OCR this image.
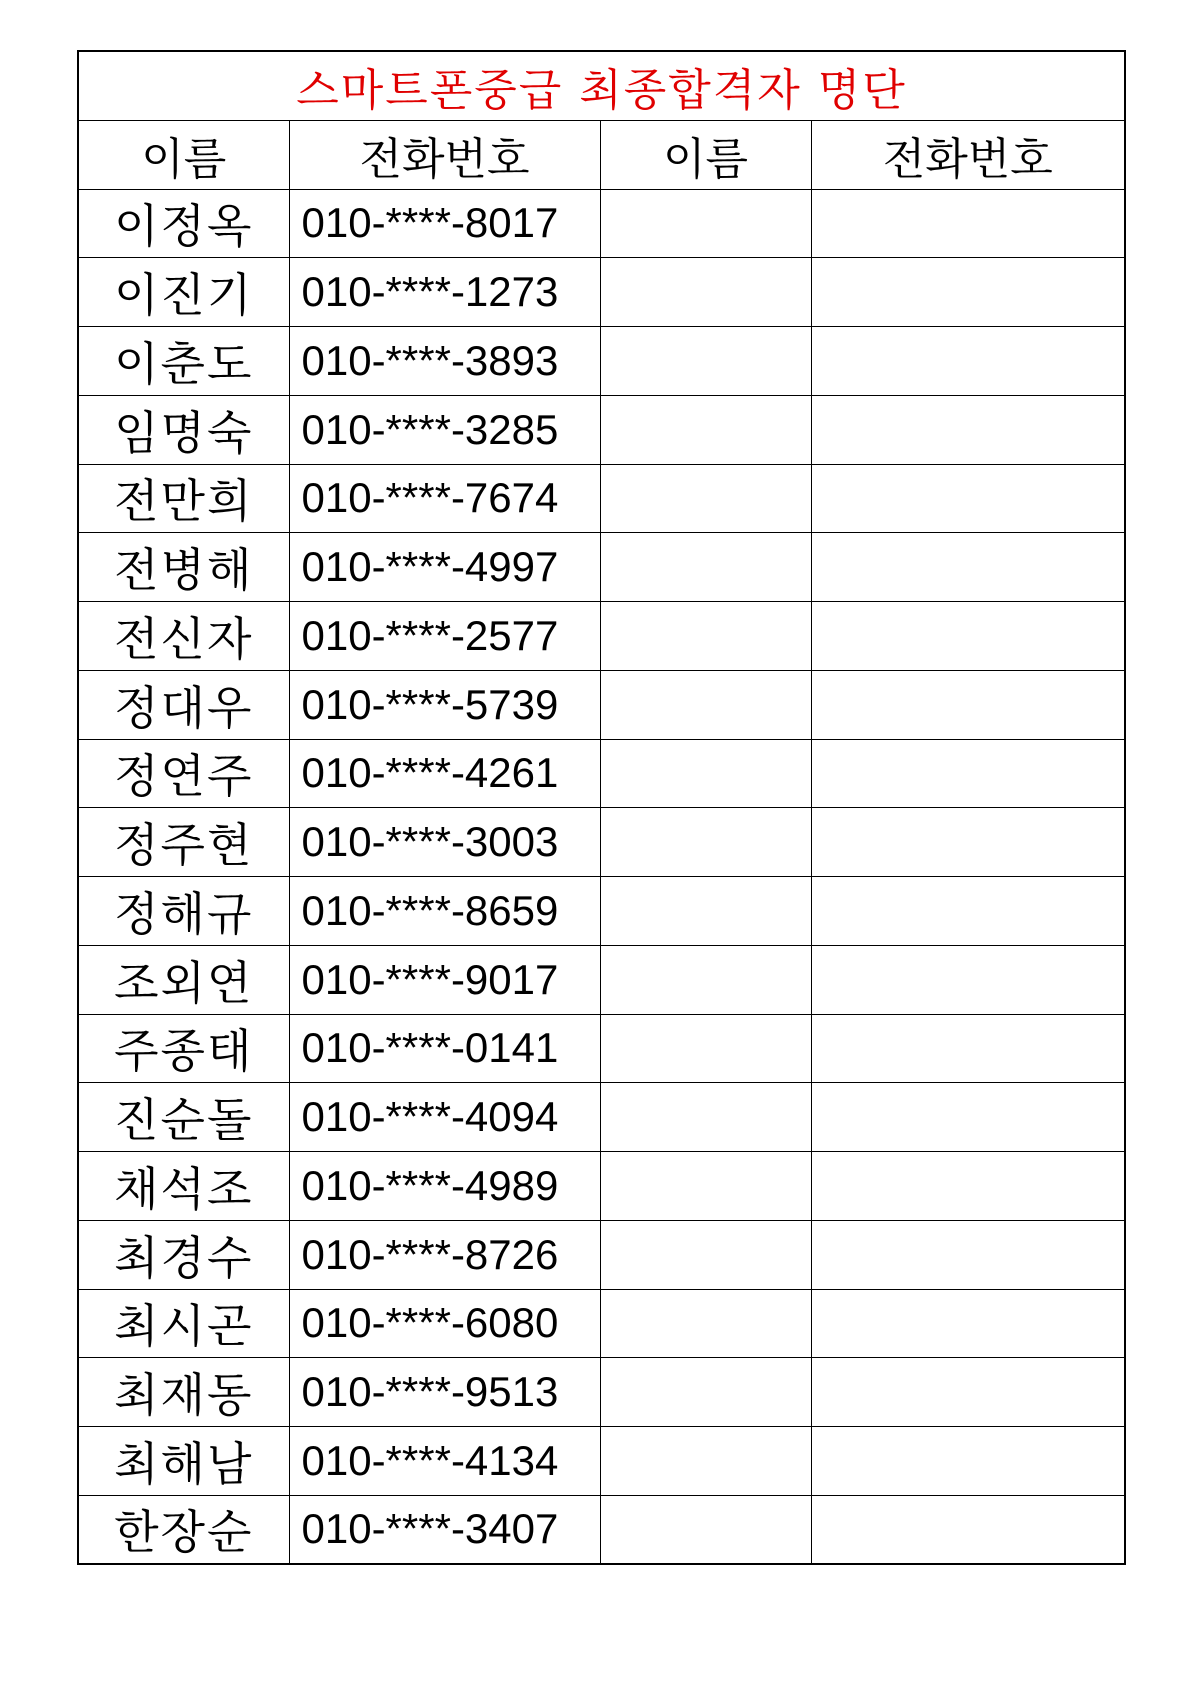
스마트폰중급 최종합격자 명단			
이름	전화번호	이름	전화번호
이정옥	010-****-8017		
이진기	010-****-1273		
이춘도	010-****-3893		
임명숙	010-****-3285		
전만희	010-****-7674		
전병해	010-****-4997		
전신자	010-****-2577		
정대우	010-****-5739		
정연주	010-****-4261		
정주현	010-****-3003		
정해규	010-****-8659		
조외연	010-****-9017		
주종태	010-****-0141		
진순돌	010-****-4094		
채석조	010-****-4989		
최경수	010-****-8726		
최시곤	010-****-6080		
최재동	010-****-9513		
최해남	010-****-4134		
한장순	010-****-3407		
